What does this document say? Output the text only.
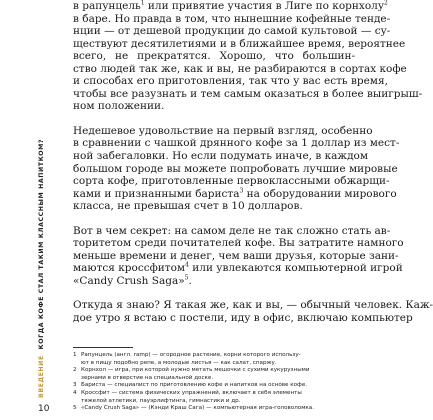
ВВЕДЕНИЕ КОГДА КОФЕ СТАЛ ТАКИМ КЛАССНЫМ НАПИТКОМ?
10
в рапунцель$^1$ или привятие участия в Лиге по корнхолу$^2$
в баре. Но правда в том, что нынешние кофейные тенде-
нции — от дешевой продукции до самой культовой — су-
ществуют десятилетиями и в ближайшее время, вероятнее
всего, не прекратятся. Хорошо, что большин-
ство людей так же, как и вы, не разбираются в сортах кофе
и способах его приготовления, так что у вас есть время,
чтобы все разузнать и тем самым оказаться в более выигрыш-
ном положении.
Недешевое удовольствие на первый взгляд, особенно
в сравнении с чашкой дрянного кофе за 1 доллар из мест-
ной забегаловки. Но если подумать иначе, в каждом
большом городе вы можете попробовать лучшие мировые
сорта кофе, приготовленные первоклассными обжарщи-
ками и признанными бариста$^3$ на оборудовании мирового
класса, не превышая счет в 10 долларов.
Вот в чем секрет: на самом деле не так сложно стать ав-
торитетом среди почитателей кофе. Вы затратите намного
меньше времени и денег, чем ваши друзья, которые зани-
маются кроссфитом$^4$ или увлекаются компьютерной игрой
«Candy Crush Saga»$^5$.
Откуда я знаю? Я такая же, как и вы, — обычный человек. Каж-
дое утро я встаю с постели, иду в офис, включаю компьютер
1 Рапунцель (англ. ramp) — огородное растение, корни которого использу-
ют в пищу подобно репе, а молодые листья — как салат, спаржу.
2 Корнхол — игра, при которой нужно метать мешочки с сухими кукурузными
зернами в отверстие на специальной доске.
3 Бариста — специалист по приготовлению кофе и напитков на основе кофе.
4 Кроссфит — система физических упражнений, включает в себя элементы
тяжелой атлетики, пауэрлифтинга, гимнастики и др.
5 «Candy Crush Saga» — (Кэнди Краш Сага) — компьютерная игра-головоломка.
